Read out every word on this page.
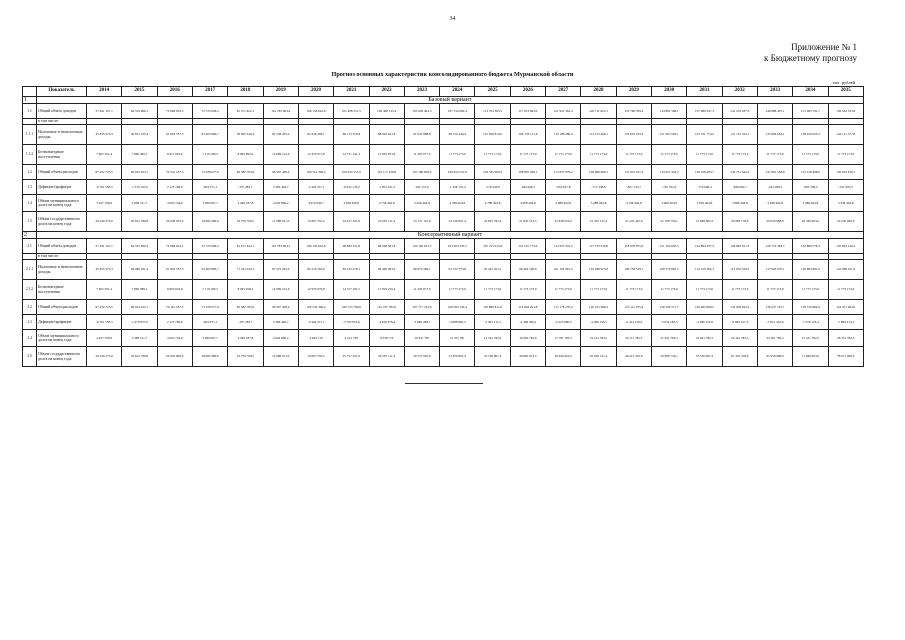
34
Приложение № 1
к Бюджетному прогнозу
Прогноз основных характеристик консолидированного бюджета Мурманской области
тыс. рублей
	Показатель	2014	2015	2016	2017	2018	2019	2020	2021	2022	2023	2024	2025	2026	2027	2028	2029	2030	2031	2032	2033	2034	2035
1	Базовый вариант																						
1.1	Общий объем доходов	57 641 167,1	64 535 969,1	72 666 954,3	72 725 006,2	81 571 422,1	101 782 904,4	100 156 642,8	101 208 251,5	102 460 515,4	103 626 443,3	107 514 000,4	113 703 365,5	117 913 092,0	121 931 362,4	126 711 622,1	133 790 769,2	134 881 568,1	137 989 247,3	141 253 437,3	148 888 467,1	151 983 791,7	156 564 333,8
	в том числе:																						
1.1.1	Налоговые и неналоговые доходы	45 835 575,3	49 831 105,4	61 843 337,3	63 463 806,7	58 665 546,4	81 238 203,2	85 226 296,1	86 175 250,8	88 942 041,6	91 932 888,8	96 150 446,4	101 959 812,0	106 178 151,8	110 198 280,4	114 313 499,1	119 023 193,2	121 607 695,1	125 721 774,2	131 131 764,1	135 864 634,1	138 019 625,2	144 131 377,8
1.1.2	Безвозмездные поступления	7 605 591,4	7 866 399,7	9 911 816,6	7 119 199,5	8 995 892,0	14 909 212,6	12 479 971,8	14 721 141,3	13 854 973,6	11 293 677,3	11 773 173,0	11 773 173,0	11 773 173,0	11 773 173,0	11 773 173,0	11 773 173,0	11 773 173,0	11 773 173,0	11 773 173,0	11 773 173,0	11 773 173,0	11 773 173,0
1.2	Общий объем расходов	67 432 725,5	69 024 923,1	70 541 187,5	73 328 077,9	82 580 785,8	98 397 499,4	106 514 399,4	100 635 537,9	101 117 436,8	107 180 836,2	108 954 531,8	104 535 669,3	108 897 028,1	112 837 879,2	126 086 669,1	131 621 911,2	133 627 433,2	138 258 403,7	142 751 944,2	147 891 568,6	152 128 498,0	156 924 816,1
1.3	Дефицит/профицит	-9 791 558,3	-1 378 197,0	2 125 766,8	-603 071,1	-337 283,7	3 385 404,7	-3 442 257,1	-6 635 176,2	-1 955 221,2	450 155,0	-1 438 131,4	-776 226,6	-944 928,1	-918 627,8	-775 338,8	-821 743,7	-745 762,9	-779 098,4	-839 664,7	-245 098,5	-903 709,3	-541 893,2
1.4	Объем муниципального долга на конец года	2 927 706,9	2 698 311,7	4 093 744,0	3 990 067,7	4 260 187,8	4 620 869,2	4 676 649,7	4 658 939,0	4 758 404,8	5 028 404,8	4 788 404,8	4 788 404,8	4 988 404,8	4 888 404,8	5 288 404,8	4 198 404,8	3 908 404,8	3 818 404,8	3 688 404,8	3 638 404,8	3 388 404,8	3 238 404,8
1.5	Объем государственного долга на конец года	20 240 273,0	20 652 789,8	24 038 955,0	18 982 489,0	19 759 709,5	11 988 911,0	13 667 335,2	24 617 321,9	23 097 111,4	23 137 101,8	23 126 891,4	22 601 782,4	21 845 513,5	25 838 024,0	21 335 131,4	21 223 445,6	21 108 756,1	21 868 602,2	20 983 178,0	20 626 688,0	20 549 903,0	20 450 000,0
2	Консервативный вариант																						
2.1	Общий объем доходов	57 641 167,1	64 535 969,2	72 666 954,1	72 725 006,2	81 571 422,1	101 783 904,1	100 156 642,8	96 820 351,8	98 048 581,6	100 182 812,5	103 404 333,5	107 215 915,8	110 235 772,6	112 955 216,3	115 723 536,8	118 978 875,9	121 163 650,5	124 894 397,3	126 892 911,3	129 716 349,7	132 899 578,3	135 663 216,2
	в том числе:																						
2.1.1	Налоговые и неналоговые доходы	45 835 575,3	49 489 181,4	61 843 337,3	63 463 806,7	71 231 043,3	87 219 292,0	85 216 563,0	83 193 278,1	84 409 363,6	86 870 266,1	91 752 733,8	95 441 453,1	98 462 199,6	101 181 961,3	103 948 973,8	106 758 518,1	108 579 802,5	112 129 364,3	113 070 326,5	117 943 976,1	120 883 881,6	122 869 011,6
2.1.2	Безвозмездные поступления	7 605 591,4	7 866 388,1	9 903 616,9	7 119 199,5	8 945 958,2	14 909 212,6	12 979 979,8	14 727 181,5	13 819 276,4	11 293 677,3	11 773 173,0	11 773 173,0	11 773 173,0	11 773 173,0	11 773 173,0	11 773 173,0	11 773 173,0	11 773 173,0	11 773 173,0	11 773 173,0	11 773 173,0	11 773 173,0
2.2	Общий объем расходов	67 432 725,5	66 024 922,1	70 161 187,5	73 328 077,9	82 580 785,8	98 397 499,4	106 534 399,4	100 723 780,8	101 197 782,0	107 717 232,6	106 083 130,4	110 890 811,0	114 694 291,8	117 178 276,2	120 105 689,2	125 115 975,4	126 766 577,7	129 965 899,2	132 929 022,0	136 237 167,1	139 576 984,6	143 471 963,6
2.3	Дефицит/профицит	-9 791 558,3	-1 478 957,0	2 125 766,8	-603 071,1	-337 283,7	3 386 406,7	-3 442 257,1	-3 795 874,6	-3 916 376,4	-3 866 488,1	-3 888 805,3	-3 302 111,2	-4 468 509,2	-4 223 060,2	-4 386 143,5	-6 414 219,0	-5 674 182,3	-4 096 119,8	-6 682 617,3	-7 912 452,6	-7 079 123,4	-7 809 413,2
2.4	Объем муниципального долга на конец года	2 927 706,9	3 488 311,7	4 093 744,0	3 990 067,7	4 260 187,8	4 620 869,2	4 626 719	4 521 736	8 238 774	10 651 781	12 355 781	14 561 782,0	16 005 782,6	17 781 782,5	19 161 782,5	20 111 782,5	21 651 782,5	23 001 782,5	24 401 782,5	25 301 782,5	27 101 782,5	28 351 782,5
2.5	Объем государственного долга на конец года	20 240 273,0	20 652 789,8	20 650 000,0	18 982 489,0	19 759 709,5	14 988 911,0	19 667 335,2	25 717 221,9	29 597 111,4	30 537 091,8	31 870 891,4	33 760 807,4	38 685 913,5	39 446 824,0	42 636 131,4	46 413 445,6	50 896 756,1	55 530 907,2	61 455 378,0	65 958 689,0	71 849 903,0	78 671 000,0
